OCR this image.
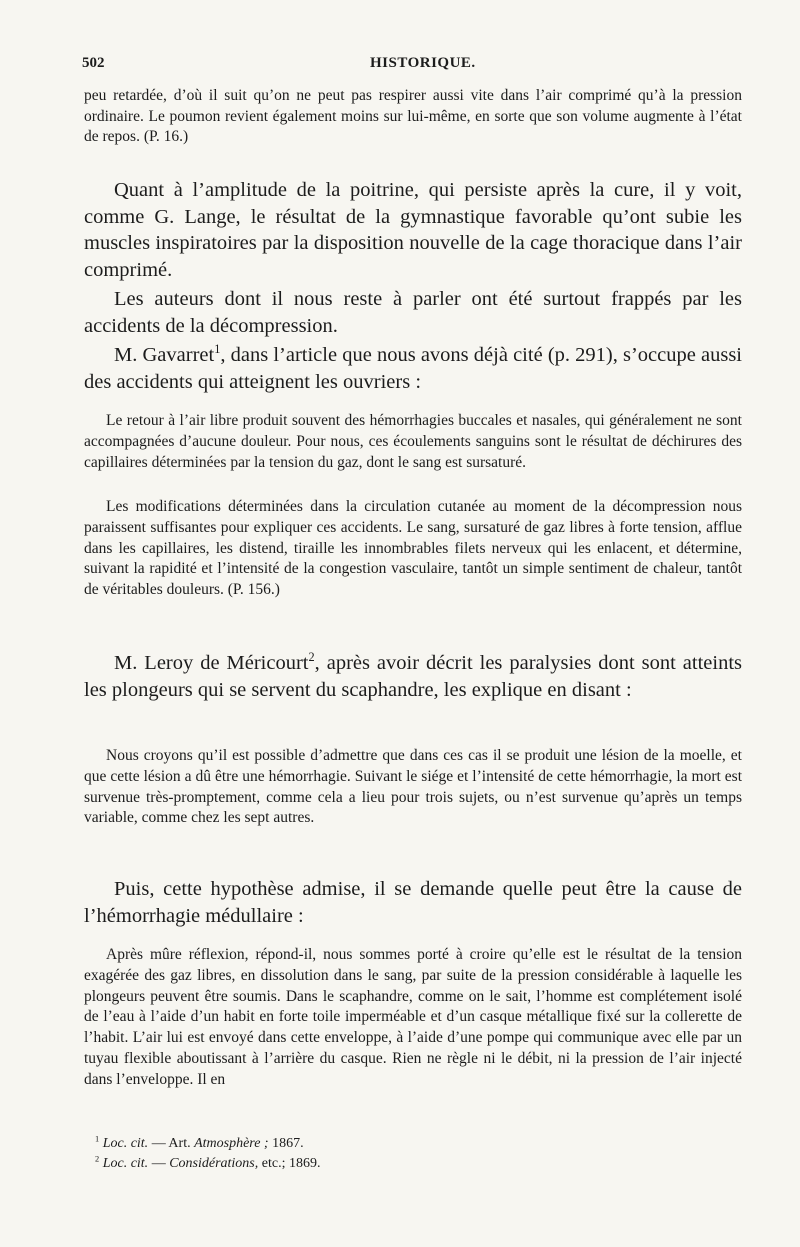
502	HISTORIQUE.

peu retardée, d’où il suit qu’on ne peut pas respirer aussi vite dans l’air comprimé qu’à la pression ordinaire. Le poumon revient également moins sur lui-même, en sorte que son volume augmente à l’état de repos. (P. 16.)

Quant à l’amplitude de la poitrine, qui persiste après la cure, il y voit, comme G. Lange, le résultat de la gymnastique favorable qu’ont subie les muscles inspiratoires par la disposition nouvelle de la cage thoracique dans l’air comprimé.

Les auteurs dont il nous reste à parler ont été surtout frappés par les accidents de la décompression.

M. Gavarret$^1$, dans l’article que nous avons déjà cité (p. 291), s’occupe aussi des accidents qui atteignent les ouvriers :

Le retour à l’air libre produit souvent des hémorrhagies buccales et nasales, qui généralement ne sont accompagnées d’aucune douleur. Pour nous, ces écoulements sanguins sont le résultat de déchirures des capillaires déterminées par la tension du gaz, dont le sang est sursaturé.

Les modifications déterminées dans la circulation cutanée au moment de la décompression nous paraissent suffisantes pour expliquer ces accidents. Le sang, sursaturé de gaz libres à forte tension, afflue dans les capillaires, les distend, tiraille les innombrables filets nerveux qui les enlacent, et détermine, suivant la rapidité et l’intensité de la congestion vasculaire, tantôt un simple sentiment de chaleur, tantôt de véritables douleurs. (P. 156.)

M. Leroy de Méricourt$^2$, après avoir décrit les paralysies dont sont atteints les plongeurs qui se servent du scaphandre, les explique en disant :

Nous croyons qu’il est possible d’admettre que dans ces cas il se produit une lésion de la moelle, et que cette lésion a dû être une hémorrhagie. Suivant le siége et l’intensité de cette hémorrhagie, la mort est survenue très-promptement, comme cela a lieu pour trois sujets, ou n’est survenue qu’après un temps variable, comme chez les sept autres.

Puis, cette hypothèse admise, il se demande quelle peut être la cause de l’hémorrhagie médullaire :

Après mûre réflexion, répond-il, nous sommes porté à croire qu’elle est le résultat de la tension exagérée des gaz libres, en dissolution dans le sang, par suite de la pression considérable à laquelle les plongeurs peuvent être soumis. Dans le scaphandre, comme on le sait, l’homme est complétement isolé de l’eau à l’aide d’un habit en forte toile imperméable et d’un casque métallique fixé sur la collerette de l’habit. L’air lui est envoyé dans cette enveloppe, à l’aide d’une pompe qui communique avec elle par un tuyau flexible aboutissant à l’arrière du casque. Rien ne règle ni le débit, ni la pression de l’air injecté dans l’enveloppe. Il en

$^1$ Loc. cit. — Art. Atmosphère ; 1867.
$^2$ Loc. cit. — Considérations, etc.; 1869.
